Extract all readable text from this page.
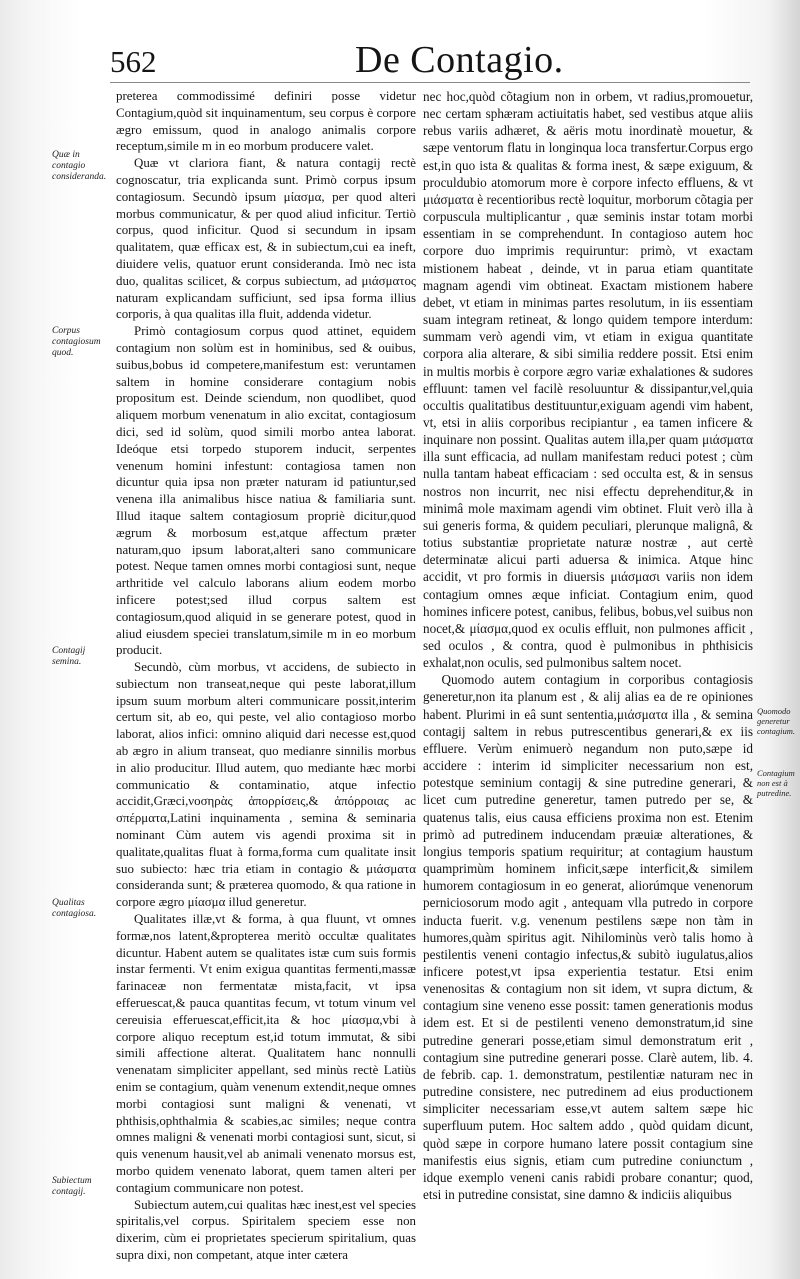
562	De Contagio.
Quæ in contagio consideranda.
Corpus contagiosum quod.
Contagij semina.
Qualitas contagiosa.
Subiectum contagij.
Quomodo generetur contagium.
Contagium non est à putredine.

preterea commodissimé definiri posse videtur Contagium,quòd sit inquinamentum, seu corpus è corpore ægro emissum, quod in analogo animalis corpore receptum,simile m in eo morbum producere valet.

Quæ vt clariora fiant, & natura contagij rectè cognoscatur, tria explicanda sunt. Primò corpus ipsum contagiosum. Secundò ipsum μίασμα, per quod alteri morbus communicatur, & per quod aliud inficitur. Tertiò corpus, quod inficitur. Quod si secundum in ipsam qualitatem, quæ efficax est, & in subiectum,cui ea ineft, diuidere velis, quatuor erunt consideranda. Imò nec ista duo, qualitas scilicet, & corpus subiectum, ad μιάσματος naturam explicandam sufficiunt, sed ipsa forma illius corporis, à qua qualitas illa fluit, addenda videtur.

Primò contagiosum corpus quod attinet, equidem contagium non solùm est in hominibus, sed & ouibus, suibus,bobus id competere,manifestum est: veruntamen saltem in homine considerare contagium nobis propositum est. Deinde sciendum, non quodlibet, quod aliquem morbum venenatum in alio excitat, contagiosum dici, sed id solùm, quod simili morbo antea laborat. Ideóque etsi torpedo stuporem inducit, serpentes venenum homini infestunt: contagiosa tamen non dicuntur quia ipsa non præter naturam id patiuntur,sed venena illa animalibus hisce natiua & familiaria sunt. Illud itaque saltem contagiosum propriè dicitur,quod ægrum & morbosum est,atque affectum præter naturam,quo ipsum laborat,alteri sano communicare potest. Neque tamen omnes morbi contagiosi sunt, neque arthritide vel calculo laborans alium eodem morbo inficere potest;sed illud corpus saltem est contagiosum,quod aliquid in se generare potest, quod in aliud eiusdem speciei translatum,simile m in eo morbum producit.

Secundò, cùm morbus, vt accidens, de subiecto in subiectum non transeat,neque qui peste laborat,illum ipsum suum morbum alteri communicare possit,interim certum sit, ab eo, qui peste, vel alio contagioso morbo laborat, alios infici: omnino aliquid dari necesse est,quod ab ægro in alium transeat, quo medianre sinnilis morbus in alio producitur. Illud autem, quo mediante hæc morbi communicatio & contaminatio, atque infectio accidit,Græci,νοσηρὰς ἀπορρίσεις,& ἀπόρροιας ac σπέρματα,Latini inquinamenta , semina & seminaria nominant Cùm autem vis agendi proxima sit in qualitate,qualitas fluat à forma,forma cum qualitate insit suo subiecto: hæc tria etiam in contagio & μιάσματα consideranda sunt; & præterea quomodo, & qua ratione in corpore ægro μίασμα illud generetur.

Qualitates illæ,vt & forma, à qua fluunt, vt omnes formæ,nos latent,&propterea meritò occultæ qualitates dicuntur. Habent autem se qualitates istæ cum suis formis instar fermenti. Vt enim exigua quantitas fermenti,massæ farinaceæ non fermentatæ mista,facit, vt ipsa efferuescat,& pauca quantitas fecum, vt totum vinum vel cereuisia efferuescat,efficit,ita & hoc μίασμα,vbi à corpore aliquo receptum est,id totum immutat, & sibi simili affectione alterat. Qualitatem hanc nonnulli venenatam simpliciter appellant, sed minùs rectè Latiùs enim se contagium, quàm venenum extendit,neque omnes morbi contagiosi sunt maligni & venenati, vt phthisis,ophthalmia & scabies,ac similes; neque contra omnes maligni & venenati morbi contagiosi sunt, sicut, si quis venenum hausit,vel ab animali venenato morsus est, morbo quidem venenato laborat, quem tamen alteri per contagium communicare non potest.

Subiectum autem,cui qualitas hæc inest,est vel species spiritalis,vel corpus. Spiritalem speciem esse non dixerim, cùm ei proprietates specierum spiritalium, quas supra dixi, non competant, atque inter cætera

nec hoc,quòd cõtagium non in orbem, vt radius,promouetur, nec certam sphæram actiuitatis habet, sed vestibus atque aliis rebus variis adhæret, & aëris motu inordinatè mouetur, & sæpe ventorum flatu in longinqua loca transfertur.Corpus ergo est,in quo ista & qualitas & forma inest, & sæpe exiguum, & proculdubio atomorum more è corpore infecto effluens, & vt μιάσματα è recentioribus rectè loquitur, morborum cõtagia per corpuscula multiplicantur , quæ seminis instar totam morbi essentiam in se comprehendunt. In contagioso autem hoc corpore duo imprimis requiruntur: primò, vt exactam mistionem habeat , deinde, vt in parua etiam quantitate magnam agendi vim obtineat. Exactam mistionem habere debet, vt etiam in minimas partes resolutum, in iis essentiam suam integram retineat, & longo quidem tempore interdum: summam verò agendi vim, vt etiam in exigua quantitate corpora alia alterare, & sibi similia reddere possit. Etsi enim in multis morbis è corpore ægro variæ exhalationes & sudores effluunt: tamen vel facilè resoluuntur & dissipantur,vel,quia occultis qualitatibus destituuntur,exiguam agendi vim habent, vt, etsi in aliis corporibus recipiantur , ea tamen inficere & inquinare non possint. Qualitas autem illa,per quam μιάσματα illa sunt efficacia, ad nullam manifestam reduci potest ; cùm nulla tantam habeat efficaciam : sed occulta est, & in sensus nostros non incurrit, nec nisi effectu deprehenditur,& in minimâ mole maximam agendi vim obtinet. Fluit verò illa à sui generis forma, & quidem peculiari, plerunque malignâ, & totius substantiæ proprietate naturæ nostræ , aut certè determinatæ alicui parti aduersa & inimica. Atque hinc accidit, vt pro formis in diuersis μιάσμασι variis non idem contagium omnes æque inficiat. Contagium enim, quod homines inficere potest, canibus, felibus, bobus,vel suibus non nocet,& μίασμα,quod ex oculis effluit, non pulmones afficit , sed oculos , & contra, quod è pulmonibus in phthisicis exhalat,non oculis, sed pulmonibus saltem nocet.

Quomodo autem contagium in corporibus contagiosis generetur,non ita planum est , & alij alias ea de re opiniones habent. Plurimi in eâ sunt sententia,μιάσματα illa , & semina contagij saltem in rebus putrescentibus generari,& ex iis effluere. Verùm enimuerò negandum non puto,sæpe id accidere : interim id simpliciter necessarium non est, potestque seminium contagij & sine putredine generari, & licet cum putredine generetur, tamen putredo per se, & quatenus talis, eius causa efficiens proxima non est. Etenim primò ad putredinem inducendam præuiæ alterationes, & longius temporis spatium requiritur; at contagium haustum quamprimùm hominem inficit,sæpe interficit,& similem humorem contagiosum in eo generat, aliorúmque venenorum perniciosorum modo agit , antequam vlla putredo in corpore inducta fuerit. v.g. venenum pestilens sæpe non tàm in humores,quàm spiritus agit. Nihilominùs verò talis homo à pestilentis veneni contagio infectus,& subitò iugulatus,alios inficere potest,vt ipsa experientia testatur. Etsi enim venenositas & contagium non sit idem, vt supra dictum, & contagium sine veneno esse possit: tamen generationis modus idem est. Et si de pestilenti veneno demonstratum,id sine putredine generari posse,etiam simul demonstratum erit , contagium sine putredine generari posse. Clarè autem, lib. 4. de febrib. cap. 1. demonstratum, pestilentiæ naturam nec in putredine consistere, nec putredinem ad eius productionem simpliciter necessariam esse,vt autem saltem sæpe hic superfluum putem. Hoc saltem addo , quòd quidam dicunt, quòd sæpe in corpore humano latere possit contagium sine manifestis eius signis, etiam cum putredine coniunctum , idque exemplo veneni canis rabidi probare conantur; quod, etsi in putredine consistat, sine damno & indiciis aliquibus
